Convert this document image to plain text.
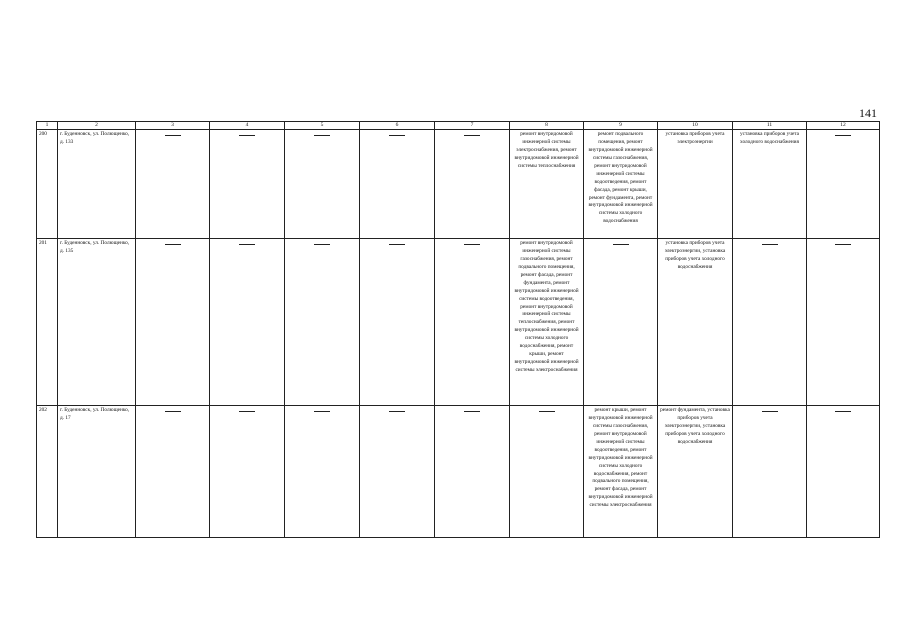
141
1	2	3	4	5	6	7	8	9	10	11	12
200	г. Буденновск, ул. Полющенко, д. 133						ремонт внутридомовой инженерной системы электроснабжения, ремонт внутридомовой инженерной системы теплоснабжения	ремонт подвального помещения, ремонт внутридомовой инженерной системы газоснабжения, ремонт внутридомовой инженерной системы водоотведения, ремонт фасада, ремонт крыши, ремонт фундамента, ремонт внутридомовой инженерной системы холодного водоснабжения	установка приборов учета электроэнергии	установка приборов учета холодного водоснабжения	
201	г. Буденновск, ул. Полющенко, д. 135						ремонт внутридомовой инженерной системы газоснабжения, ремонт подвального помещения, ремонт фасада, ремонт фундамента, ремонт внутридомовой инженерной системы водоотведения, ремонт внутридомовой инженерной системы теплоснабжения, ремонт внутридомовой инженерной системы холодного водоснабжения, ремонт крыши, ремонт внутридомовой инженерной системы электроснабжения		установка приборов учета электроэнергии, установка приборов учета холодного водоснабжения		
202	г. Буденновск, ул. Полющенко, д. 17							ремонт крыши, ремонт внутридомовой инженерной системы газоснабжения, ремонт внутридомовой инженерной системы водоотведения, ремонт внутридомовой инженерной системы холодного водоснабжения, ремонт подвального помещения, ремонт фасада, ремонт внутридомовой инженерной системы электроснабжения	ремонт фундамента, установка приборов учета электроэнергии, установка приборов учета холодного водоснабжения		
